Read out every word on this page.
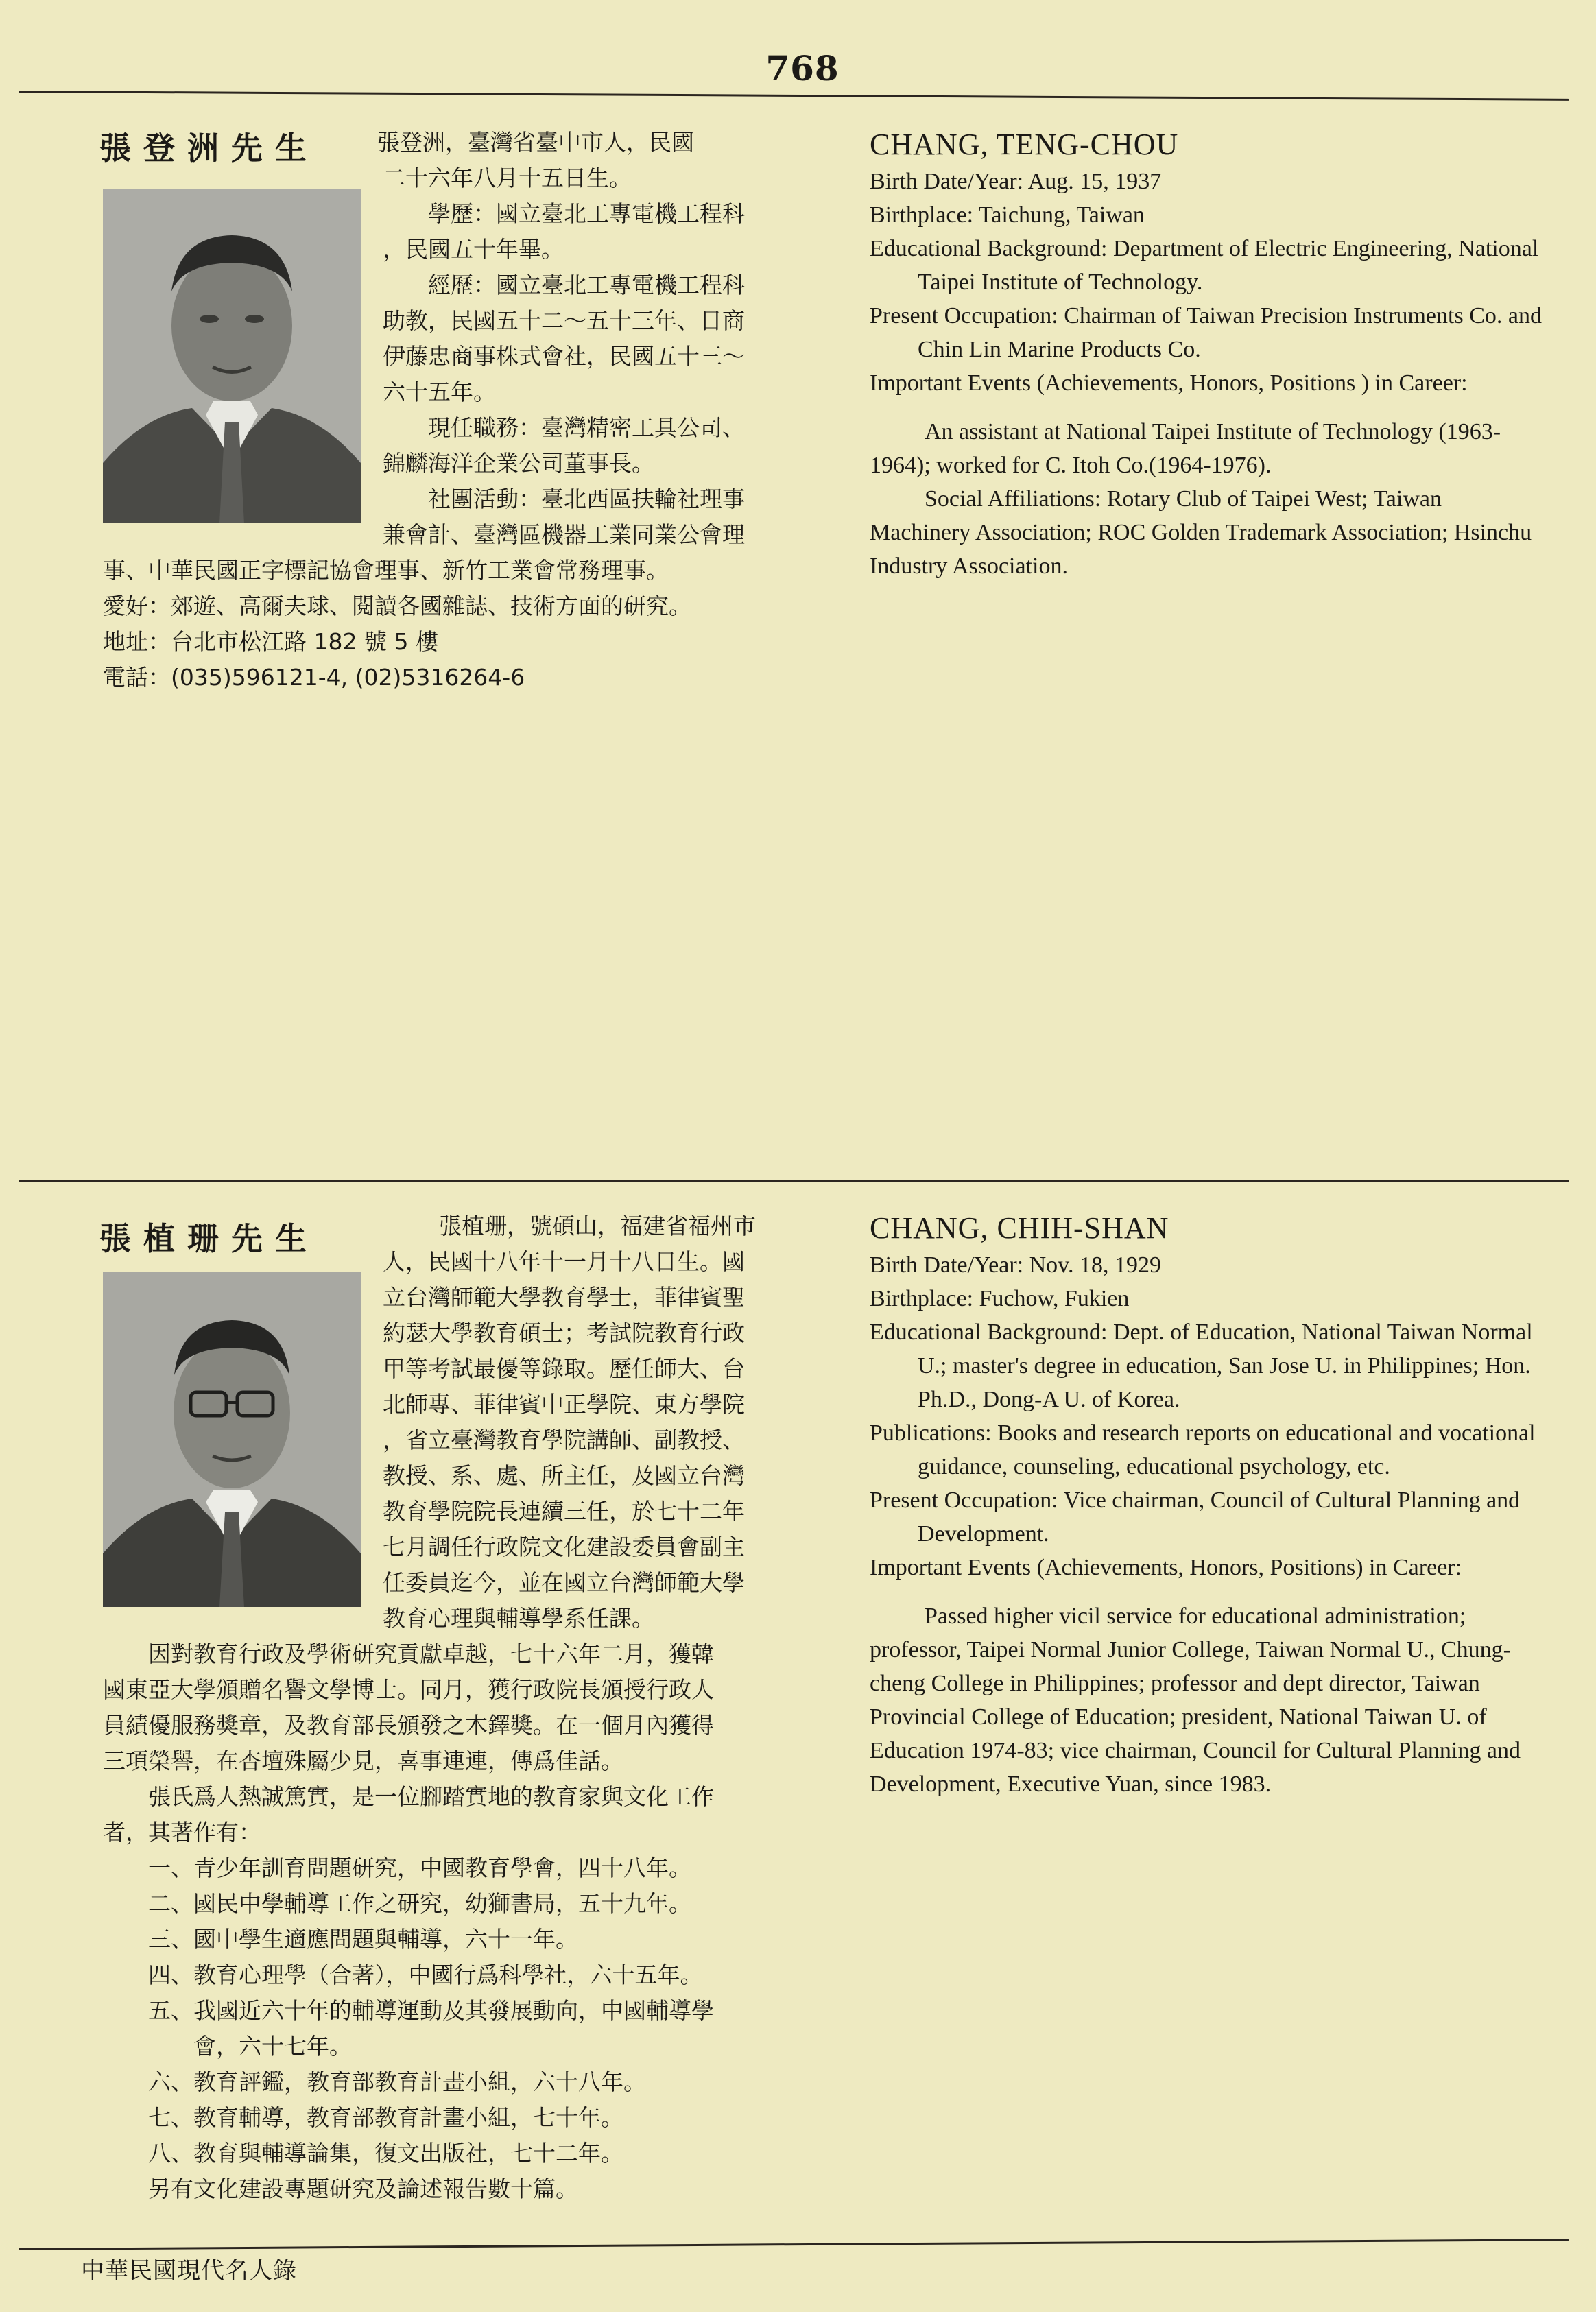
768
張登洲先生	張登洲，臺灣省臺中市人，民國
二十六年八月十五日生。
　　學歷：國立臺北工專電機工程科
，民國五十年畢。
　　經歷：國立臺北工專電機工程科
助教，民國五十二～五十三年、日商
伊藤忠商事株式會社，民國五十三～
六十五年。
　　現任職務：臺灣精密工具公司、
錦麟海洋企業公司董事長。
　　社團活動：臺北西區扶輪社理事
兼會計、臺灣區機器工業同業公會理
事、中華民國正字標記協會理事、新竹工業會常務理事。
愛好：郊遊、高爾夫球、閱讀各國雜誌、技術方面的研究。
地址：台北市松江路 182 號 5 樓
電話：(035)596121-4, (02)5316264-6
CHANG, TENG-CHOU
Birth Date/Year: Aug. 15, 1937
Birthplace: Taichung, Taiwan
Educational Background: Department of Electric Engineering, National Taipei Institute of Technology.
Present Occupation: Chairman of Taiwan Precision Instruments Co. and Chin Lin Marine Products Co.
Important Events (Achievements, Honors, Positions ) in Career:
An assistant at National Taipei Institute of Technology (1963-1964); worked for C. Itoh Co.(1964-1976).
Social Affiliations: Rotary Club of Taipei West; Taiwan Machinery Association; ROC Golden Trademark Association; Hsinchu Industry Association.
張植珊先生	張植珊，號碩山，福建省福州市
人，民國十八年十一月十八日生。國
立台灣師範大學教育學士，菲律賓聖
約瑟大學教育碩士；考試院教育行政
甲等考試最優等錄取。歷任師大、台
北師專、菲律賓中正學院、東方學院
，省立臺灣教育學院講師、副教授、
教授、系、處、所主任，及國立台灣
教育學院院長連續三任，於七十二年
七月調任行政院文化建設委員會副主
任委員迄今，並在國立台灣師範大學
教育心理與輔導學系任課。
　　因對教育行政及學術研究貢獻卓越，七十六年二月，獲韓
國東亞大學頒贈名譽文學博士。同月，獲行政院長頒授行政人
員績優服務獎章，及教育部長頒發之木鐸獎。在一個月內獲得
三項榮譽，在杏壇殊屬少見，喜事連連，傳爲佳話。
　　張氏爲人熱誠篤實，是一位腳踏實地的教育家與文化工作
者，其著作有：
　　一、青少年訓育問題研究，中國教育學會，四十八年。
　　二、國民中學輔導工作之研究，幼獅書局，五十九年。
　　三、國中學生適應問題與輔導，六十一年。
　　四、教育心理學（合著），中國行爲科學社，六十五年。
　　五、我國近六十年的輔導運動及其發展動向，中國輔導學
　　　　會，六十七年。
　　六、教育評鑑，教育部教育計畫小組，六十八年。
　　七、教育輔導，教育部教育計畫小組，七十年。
　　八、教育與輔導論集，復文出版社，七十二年。
　　另有文化建設專題研究及論述報告數十篇。
CHANG, CHIH-SHAN
Birth Date/Year: Nov. 18, 1929
Birthplace: Fuchow, Fukien
Educational Background: Dept. of Education, National Taiwan Normal U.; master's degree in education, San Jose U. in Philippines; Hon. Ph.D., Dong-A U. of Korea.
Publications: Books and research reports on educational and vocational guidance, counseling, educational psychology, etc.
Present Occupation: Vice chairman, Council of Cultural Planning and Development.
Important Events (Achievements, Honors, Positions) in Career:
Passed higher vicil service for educational administration; professor, Taipei Normal Junior College, Taiwan Normal U., Chung-cheng College in Philippines; professor and dept director, Taiwan Provincial College of Education; president, National Taiwan U. of Education 1974-83; vice chairman, Council for Cultural Planning and Development, Executive Yuan, since 1983.
中華民國現代名人錄
